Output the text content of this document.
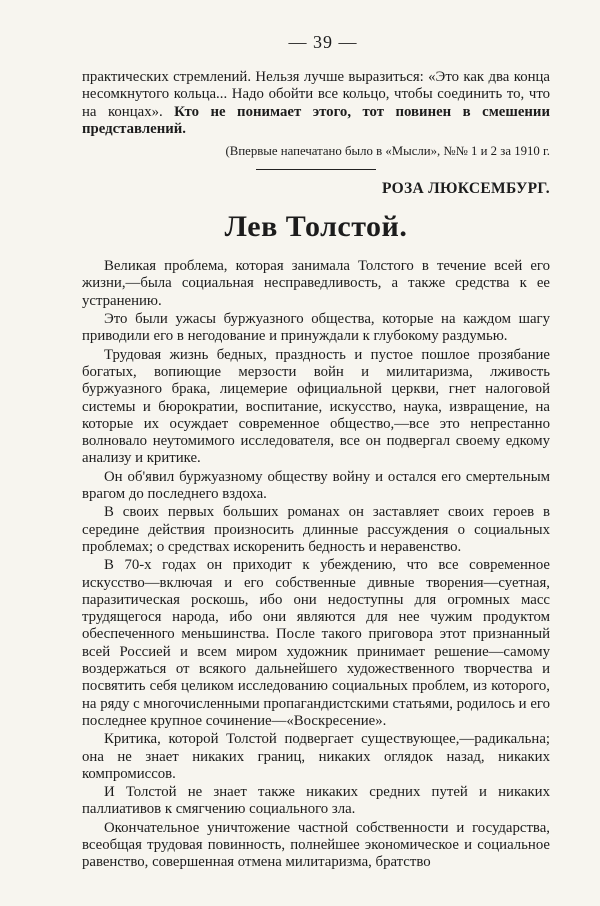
— 39 —

практических стремлений. Нельзя лучше выразиться: «Это как два конца несомкнутого кольца... Надо обойти все кольцо, чтобы соединить то, что на концах». Кто не понимает этого, тот повинен в смешении представлений.

(Впервые напечатано было в «Мысли», №№ 1 и 2 за 1910 г.

РОЗА ЛЮКСЕМБУРГ.
Лев Толстой.

Великая проблема, которая занимала Толстого в течение всей его жизни,—была социальная несправедливость, а также средства к ее устранению.

Это были ужасы буржуазного общества, которые на каждом шагу приводили его в негодование и принуждали к глубокому раздумью.

Трудовая жизнь бедных, праздность и пустое пошлое прозябание богатых, вопиющие мерзости войн и милитаризма, лживость буржуазного брака, лицемерие официальной церкви, гнет налоговой системы и бюрократии, воспитание, искусство, наука, извращение, на которые их осуждает современное общество,—все это непрестанно волновало неутомимого исследователя, все он подвергал своему едкому анализу и критике.

Он об'явил буржуазному обществу войну и остался его смертельным врагом до последнего вздоха.

В своих первых больших романах он заставляет своих героев в середине действия произносить длинные рассуждения о социальных проблемах; о средствах искоренить бедность и неравенство.

В 70-х годах он приходит к убеждению, что все современное искусство—включая и его собственные дивные творения—суетная, паразитическая роскошь, ибо они недоступны для огромных масс трудящегося народа, ибо они являются для нее чужим продуктом обеспеченного меньшинства. После такого приговора этот признанный всей Россией и всем миром художник принимает решение—самому воздержаться от всякого дальнейшего художественного творчества и посвятить себя целиком исследованию социальных проблем, из которого, на ряду с многочисленными пропагандистскими статьями, родилось и его последнее крупное сочинение—«Воскресение».

Критика, которой Толстой подвергает существующее,—радикальна; она не знает никаких границ, никаких оглядок назад, никаких компромиссов.

И Толстой не знает также никаких средних путей и никаких паллиативов к смягчению социального зла.

Окончательное уничтожение частной собственности и государства, всеобщая трудовая повинность, полнейшее экономическое и социальное равенство, совершенная отмена милитаризма, братство
